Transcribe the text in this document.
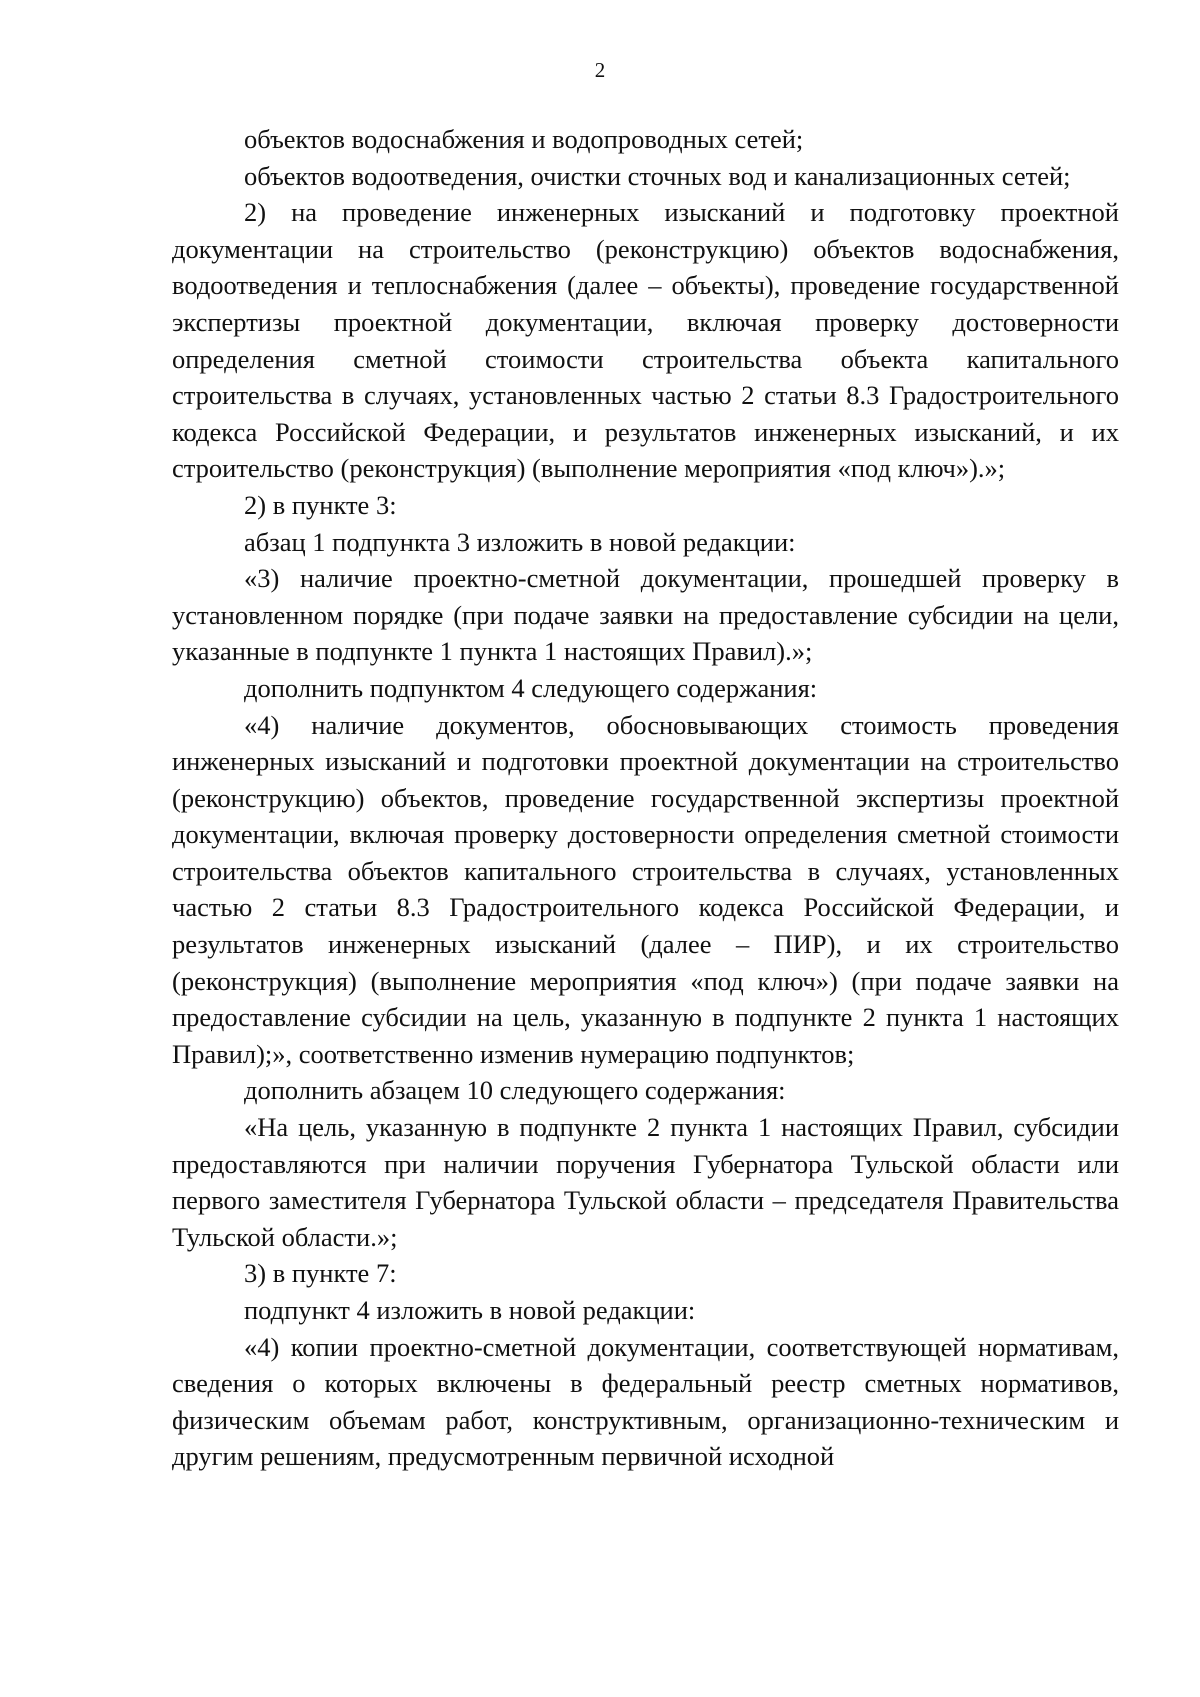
2

объектов водоснабжения и водопроводных сетей;

объектов водоотведения, очистки сточных вод и канализационных сетей;

2) на проведение инженерных изысканий и подготовку проектной документации на строительство (реконструкцию) объектов водоснабжения, водоотведения и теплоснабжения (далее – объекты), проведение государственной экспертизы проектной документации, включая проверку достоверности определения сметной стоимости строительства объекта капитального строительства в случаях, установленных частью 2 статьи 8.3 Градостроительного кодекса Российской Федерации, и результатов инженерных изысканий, и их строительство (реконструкция) (выполнение мероприятия «под ключ»).»;

2) в пункте 3:

абзац 1 подпункта 3 изложить в новой редакции:

«3) наличие проектно-сметной документации, прошедшей проверку в установленном порядке (при подаче заявки на предоставление субсидии на цели, указанные в подпункте 1 пункта 1 настоящих Правил).»;

дополнить подпунктом 4 следующего содержания:

«4) наличие документов, обосновывающих стоимость проведения инженерных изысканий и подготовки проектной документации на строительство (реконструкцию) объектов, проведение государственной экспертизы проектной документации, включая проверку достоверности определения сметной стоимости строительства объектов капитального строительства в случаях, установленных частью 2 статьи 8.3 Градостроительного кодекса Российской Федерации, и результатов инженерных изысканий (далее – ПИР), и их строительство (реконструкция) (выполнение мероприятия «под ключ») (при подаче заявки на предоставление субсидии на цель, указанную в подпункте 2 пункта 1 настоящих Правил);», соответственно изменив нумерацию подпунктов;

дополнить абзацем 10 следующего содержания:

«На цель, указанную в подпункте 2 пункта 1 настоящих Правил, субсидии предоставляются при наличии поручения Губернатора Тульской области или первого заместителя Губернатора Тульской области – председателя Правительства Тульской области.»;

3) в пункте 7:

подпункт 4 изложить в новой редакции:

«4) копии проектно-сметной документации, соответствующей нормативам, сведения о которых включены в федеральный реестр сметных нормативов, физическим объемам работ, конструктивным, организационно-техническим и другим решениям, предусмотренным первичной исходной
